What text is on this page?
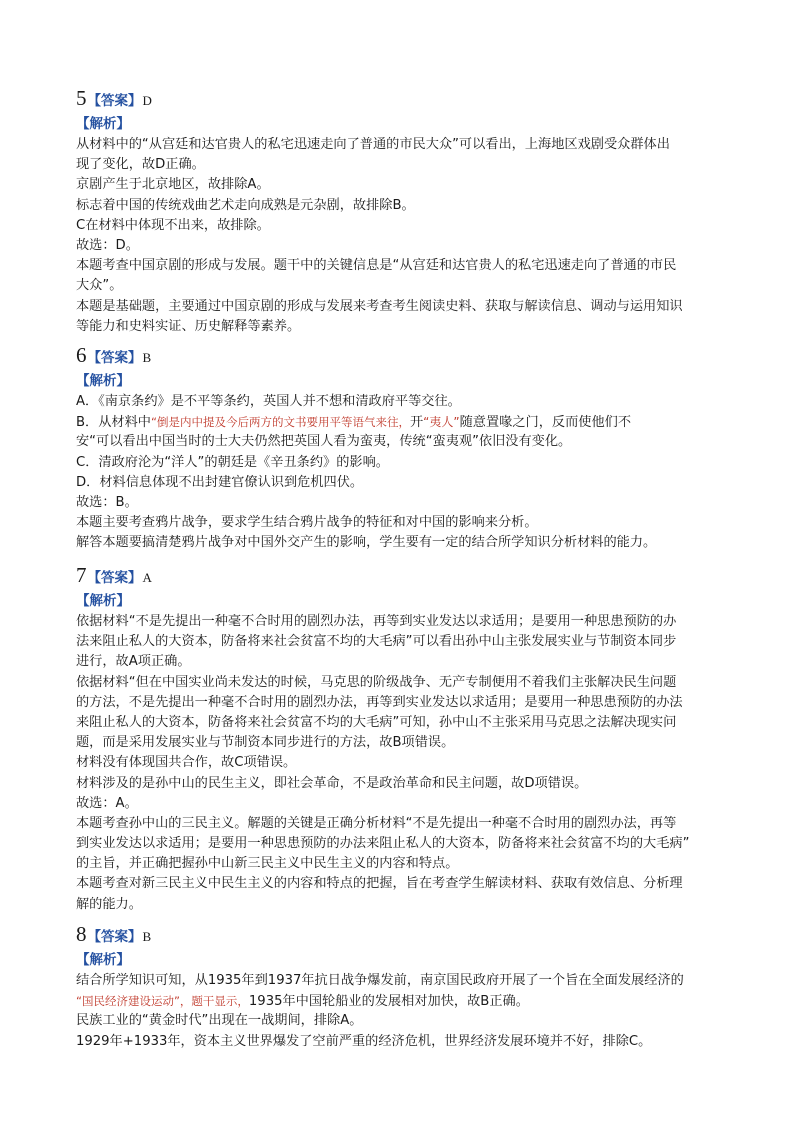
5 【答案】 D
【解析】
从材料中的“从宫廷和达官贵人的私宅迅速走向了普通的市民大众”可以看出，上海地区戏剧受众群体出
现了变化，故D正确。
京剧产生于北京地区，故排除A。
标志着中国的传统戏曲艺术走向成熟是元杂剧，故排除B。
C在材料中体现不出来，故排除。
故选：D。
本题考查中国京剧的形成与发展。题干中的关键信息是“从宫廷和达官贵人的私宅迅速走向了普通的市民
大众”。
本题是基础题，主要通过中国京剧的形成与发展来考查考生阅读史料、获取与解读信息、调动与运用知识
等能力和史料实证、历史解释等素养。
6 【答案】 B
【解析】
A．《南京条约》是不平等条约，英国人并不想和清政府平等交往。
B．从材料中“倒是内中提及今后两方的文书要用平等语气来往，开“夷人”随意置喙之门，反而使他们不
安“可以看出中国当时的士大夫仍然把英国人看为蛮夷，传统“蛮夷观”依旧没有变化。
C．清政府沦为“洋人”的朝廷是《辛丑条约》的影响。
D．材料信息体现不出封建官僚认识到危机四伏。
故选：B。
本题主要考查鸦片战争，要求学生结合鸦片战争的特征和对中国的影响来分析。
解答本题要搞清楚鸦片战争对中国外交产生的影响，学生要有一定的结合所学知识分析材料的能力。
7 【答案】 A
【解析】
依据材料“不是先提出一种毫不合时用的剧烈办法，再等到实业发达以求适用；是要用一种思患预防的办
法来阻止私人的大资本，防备将来社会贫富不均的大毛病”可以看出孙中山主张发展实业与节制资本同步
进行，故A项正确。
依据材料“但在中国实业尚未发达的时候，马克思的阶级战争、无产专制便用不着我们主张解决民生问题
的方法，不是先提出一种毫不合时用的剧烈办法，再等到实业发达以求适用；是要用一种思患预防的办法
来阻止私人的大资本，防备将来社会贫富不均的大毛病”可知，孙中山不主张采用马克思之法解决现实问
题，而是采用发展实业与节制资本同步进行的方法，故B项错误。
材料没有体现国共合作，故C项错误。
材料涉及的是孙中山的民生主义，即社会革命，不是政治革命和民主问题，故D项错误。
故选：A。
本题考查孙中山的三民主义。解题的关键是正确分析材料“不是先提出一种毫不合时用的剧烈办法，再等
到实业发达以求适用；是要用一种思患预防的办法来阻止私人的大资本，防备将来社会贫富不均的大毛病”
的主旨，并正确把握孙中山新三民主义中民生主义的内容和特点。
本题考查对新三民主义中民生主义的内容和特点的把握，旨在考查学生解读材料、获取有效信息、分析理
解的能力。
8 【答案】 B
【解析】
结合所学知识可知，从1935年到1937年抗日战争爆发前，南京国民政府开展了一个旨在全面发展经济的
“国民经济建设运动”，题干显示，1935年中国轮船业的发展相对加快，故B正确。
民族工业的“黄金时代”出现在一战期间，排除A。
1929年+1933年，资本主义世界爆发了空前严重的经济危机，世界经济发展环境并不好，排除C。
